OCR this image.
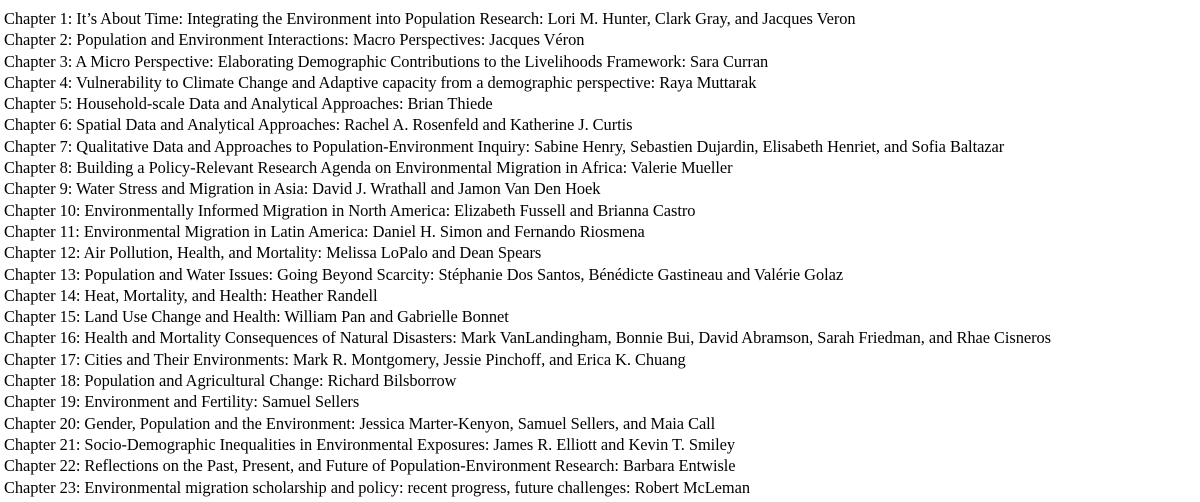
Chapter 1: It’s About Time: Integrating the Environment into Population Research: Lori M. Hunter, Clark Gray, and Jacques Veron
Chapter 2: Population and Environment Interactions: Macro Perspectives: Jacques Véron
Chapter 3: A Micro Perspective: Elaborating Demographic Contributions to the Livelihoods Framework: Sara Curran
Chapter 4: Vulnerability to Climate Change and Adaptive capacity from a demographic perspective: Raya Muttarak
Chapter 5: Household-scale Data and Analytical Approaches: Brian Thiede
Chapter 6: Spatial Data and Analytical Approaches: Rachel A. Rosenfeld and Katherine J. Curtis
Chapter 7: Qualitative Data and Approaches to Population-Environment Inquiry: Sabine Henry, Sebastien Dujardin, Elisabeth Henriet, and Sofia Baltazar
Chapter 8: Building a Policy-Relevant Research Agenda on Environmental Migration in Africa: Valerie Mueller
Chapter 9: Water Stress and Migration in Asia: David J. Wrathall and Jamon Van Den Hoek
Chapter 10: Environmentally Informed Migration in North America: Elizabeth Fussell and Brianna Castro
Chapter 11: Environmental Migration in Latin America: Daniel H. Simon and Fernando Riosmena
Chapter 12: Air Pollution, Health, and Mortality: Melissa LoPalo and Dean Spears
Chapter 13: Population and Water Issues: Going Beyond Scarcity: Stéphanie Dos Santos, Bénédicte Gastineau and Valérie Golaz
Chapter 14: Heat, Mortality, and Health: Heather Randell
Chapter 15: Land Use Change and Health: William Pan and Gabrielle Bonnet
Chapter 16: Health and Mortality Consequences of Natural Disasters: Mark VanLandingham, Bonnie Bui, David Abramson, Sarah Friedman, and Rhae Cisneros
Chapter 17: Cities and Their Environments: Mark R. Montgomery, Jessie Pinchoff, and Erica K. Chuang
Chapter 18: Population and Agricultural Change: Richard Bilsborrow
Chapter 19: Environment and Fertility: Samuel Sellers
Chapter 20: Gender, Population and the Environment: Jessica Marter-Kenyon, Samuel Sellers, and Maia Call
Chapter 21: Socio-Demographic Inequalities in Environmental Exposures: James R. Elliott and Kevin T. Smiley
Chapter 22: Reflections on the Past, Present, and Future of Population-Environment Research: Barbara Entwisle
Chapter 23: Environmental migration scholarship and policy: recent progress, future challenges: Robert McLeman
